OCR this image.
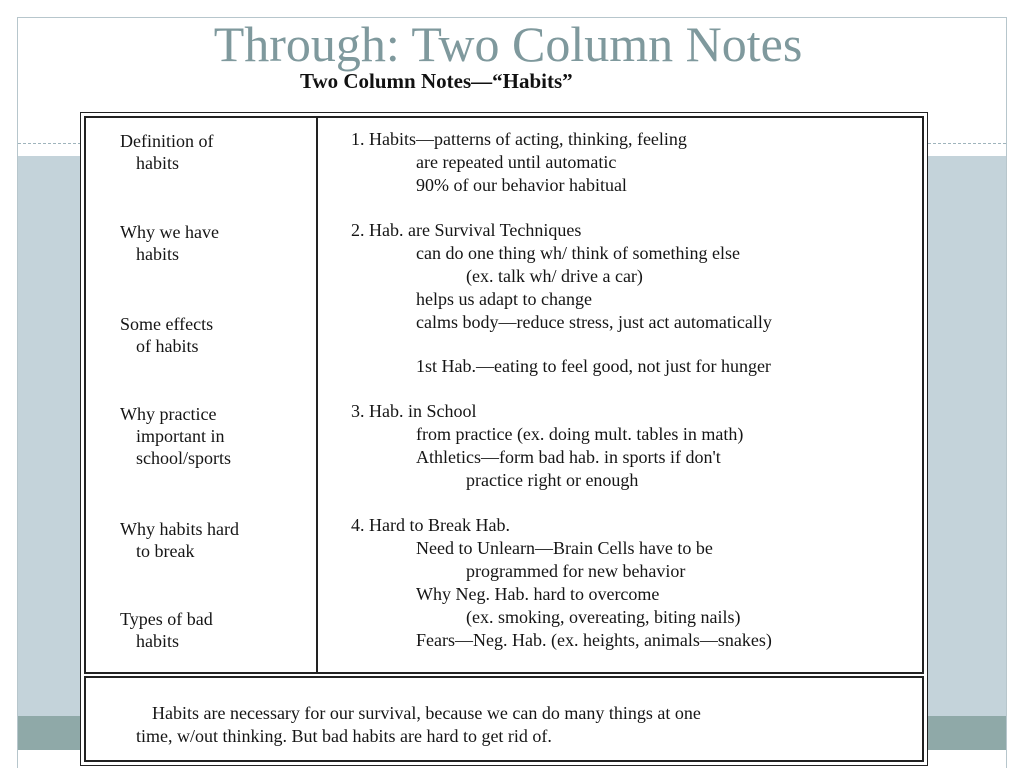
Through: Two Column Notes
Definition of
habits
Why we have
habits
Some effects
of habits
Why practice
important in
school/sports
Why habits hard
to break
Types of bad
habits
1. Habits—patterns of acting, thinking, feeling
are repeated until automatic
90% of our behavior habitual
2. Hab. are Survival Techniques
can do one thing wh/ think of something else
(ex. talk wh/ drive a car)
helps us adapt to change
calms body—reduce stress, just act automatically
1st Hab.—eating to feel good, not just for hunger
3. Hab. in School
from practice (ex. doing mult. tables in math)
Athletics—form bad hab. in sports if don't
practice right or enough
4. Hard to Break Hab.
Need to Unlearn—Brain Cells have to be
programmed for new behavior
Why Neg. Hab. hard to overcome
(ex. smoking, overeating, biting nails)
Fears—Neg. Hab. (ex. heights, animals—snakes)
Habits are necessary for our survival, because we can do many things at one
time, w/out thinking. But bad habits are hard to get rid of.
Two Column Notes—“Habits”
